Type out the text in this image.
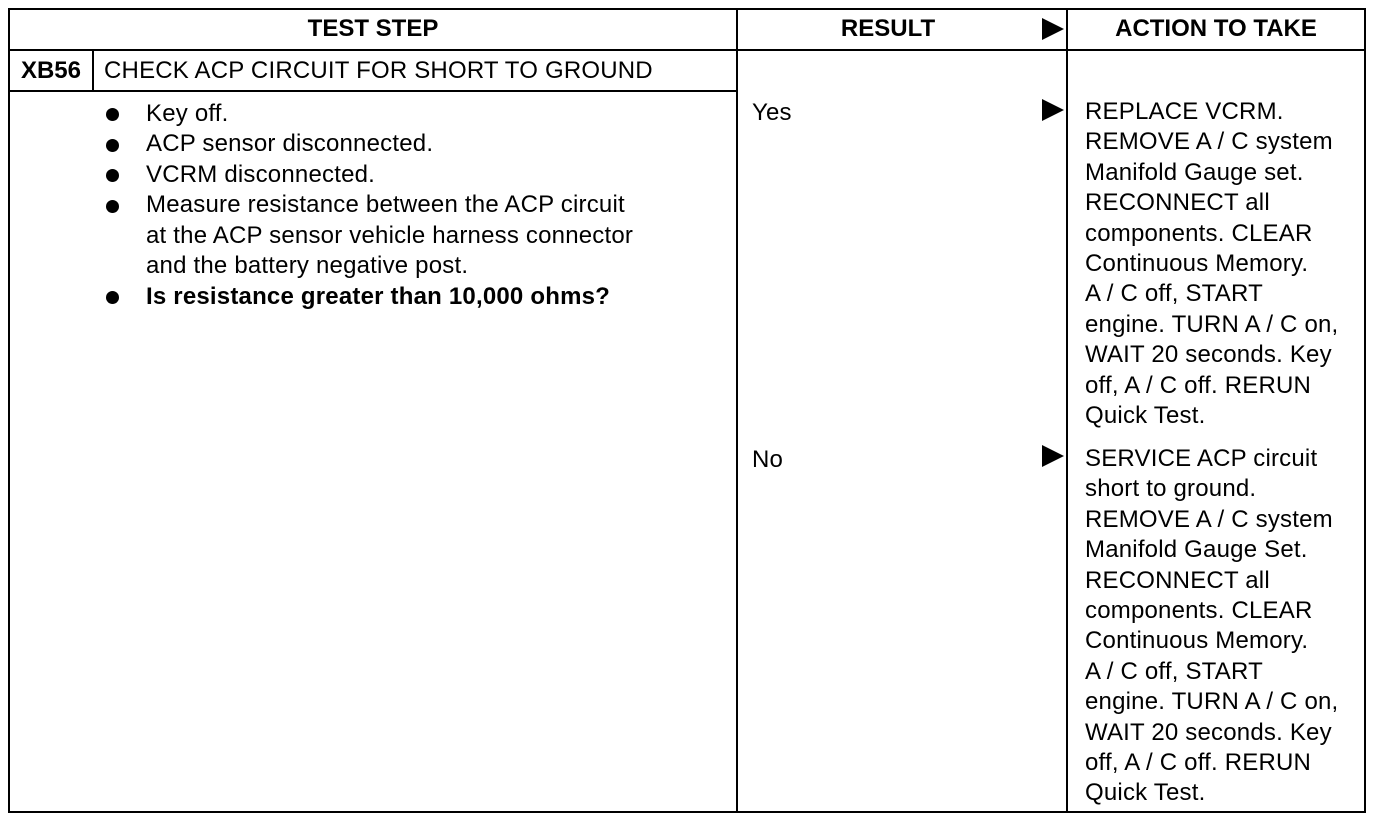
TEST STEP	RESULT	ACTION TO TAKE
XB56 CHECK ACP CIRCUIT FOR SHORT TO GROUND
Key off.
ACP sensor disconnected.
VCRM disconnected.
Measure resistance between the ACP circuit
at the ACP sensor vehicle harness connector
and the battery negative post.
Is resistance greater than 10,000 ohms?
Yes	REPLACE VCRM.
REMOVE A / C system
Manifold Gauge set.
RECONNECT all
components. CLEAR
Continuous Memory.
A / C off, START
engine. TURN A / C on,
WAIT 20 seconds. Key
off, A / C off. RERUN
Quick Test.
No	SERVICE ACP circuit
short to ground.
REMOVE A / C system
Manifold Gauge Set.
RECONNECT all
components. CLEAR
Continuous Memory.
A / C off, START
engine. TURN A / C on,
WAIT 20 seconds. Key
off, A / C off. RERUN
Quick Test.
